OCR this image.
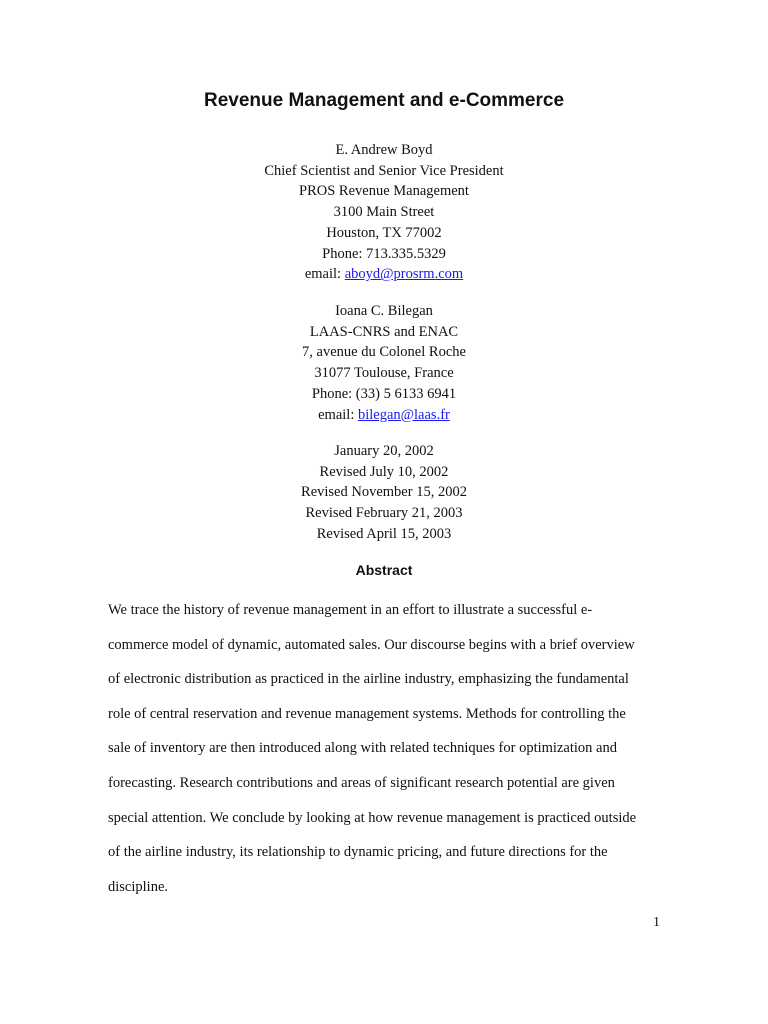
Revenue Management and e-Commerce
E. Andrew Boyd
Chief Scientist and Senior Vice President
PROS Revenue Management
3100 Main Street
Houston, TX 77002
Phone: 713.335.5329
email: aboyd@prosrm.com
Ioana C. Bilegan
LAAS-CNRS and ENAC
7, avenue du Colonel Roche
31077 Toulouse, France
Phone: (33) 5 6133 6941
email: bilegan@laas.fr
January 20, 2002
Revised July 10, 2002
Revised November 15, 2002
Revised February 21, 2003
Revised April 15, 2003
Abstract
We trace the history of revenue management in an effort to illustrate a successful e-
commerce model of dynamic, automated sales. Our discourse begins with a brief overview
of electronic distribution as practiced in the airline industry, emphasizing the fundamental
role of central reservation and revenue management systems. Methods for controlling the
sale of inventory are then introduced along with related techniques for optimization and
forecasting. Research contributions and areas of significant research potential are given
special attention. We conclude by looking at how revenue management is practiced outside
of the airline industry, its relationship to dynamic pricing, and future directions for the
discipline.
1
